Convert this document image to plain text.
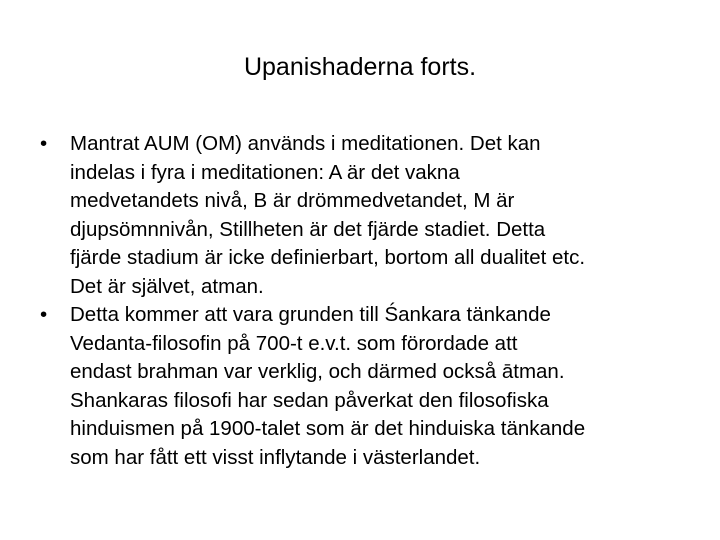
Upanishaderna forts.
•	Mantrat AUM (OM) används i meditationen. Det kan
indelas i fyra i meditationen: A är det vakna
medvetandets nivå, B är drömmedvetandet, M är
djupsömnnivån, Stillheten är det fjärde stadiet. Detta
fjärde stadium är icke definierbart, bortom all dualitet etc.
Det är självet, atman.
•	Detta kommer att vara grunden till Śankara tänkande
Vedanta-filosofin på 700-t e.v.t. som förordade att
endast brahman var verklig, och därmed också ātman.
Shankaras filosofi har sedan påverkat den filosofiska
hinduismen på 1900-talet som är det hinduiska tänkande
som har fått ett visst inflytande i västerlandet.
